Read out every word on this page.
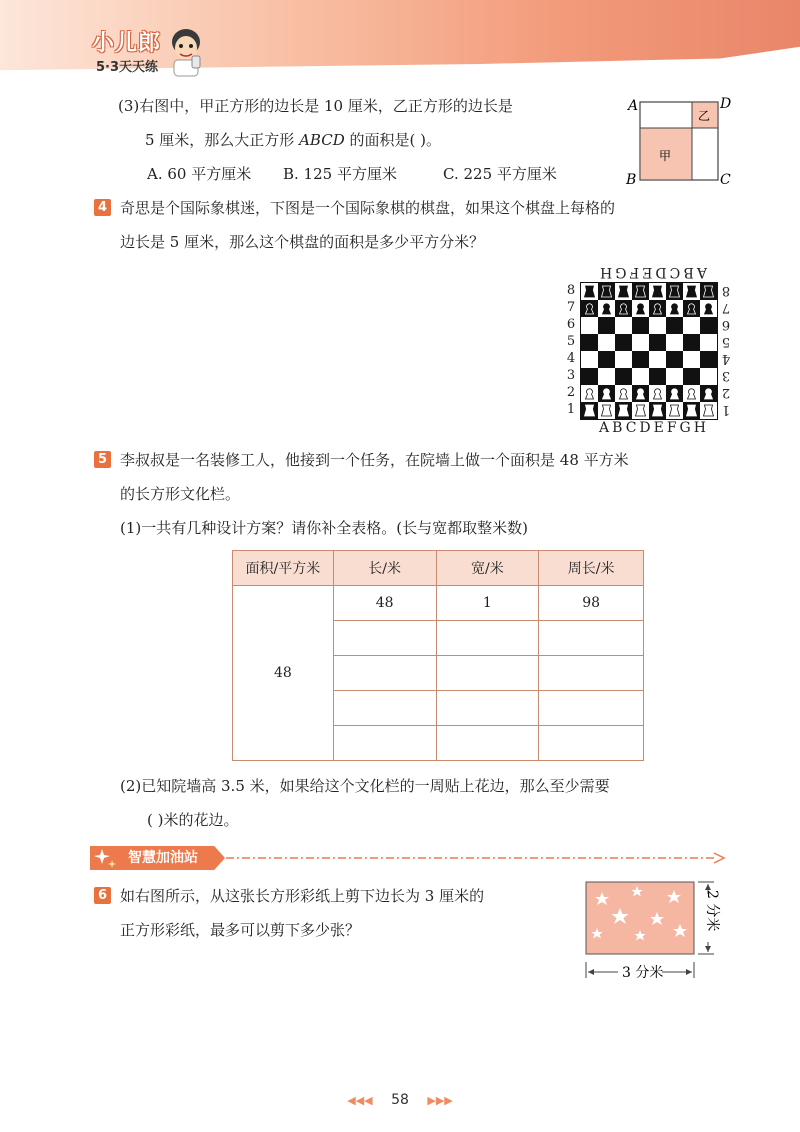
小儿郎
5·3天天练
(3)右图中，甲正方形的边长是 10 厘米，乙正方形的边长是
5 厘米，那么大正方形 ABCD 的面积是( )。
A. 60 平方厘米 B. 125 平方厘米	C. 225 平方厘米
A	D
B	C
甲
乙
4 奇思是个国际象棋迷，下图是一个国际象棋的棋盘，如果这个棋盘上每格的
边长是 5 厘米，那么这个棋盘的面积是多少平方分米？
ABCDEFGH
ABCDEFGH
8
7
6
5
4
3
2
1	1
2
3
4
5
6
7
8
5 李叔叔是一名装修工人，他接到一个任务，在院墙上做一个面积是 48 平方米
的长方形文化栏。
(1)一共有几种设计方案？请你补全表格。(长与宽都取整米数)
面积/平方米	长/米	宽/米	周长/米
48	48	1	98

(2)已知院墙高 3.5 米，如果给这个文化栏的一周贴上花边，那么至少需要
( )米的花边。
智慧加油站
6 如右图所示，从这张长方形彩纸上剪下边长为 3 厘米的
正方形彩纸，最多可以剪下多少张？
3 分米
2 分米
◀◀◀ 58 ▶▶▶
